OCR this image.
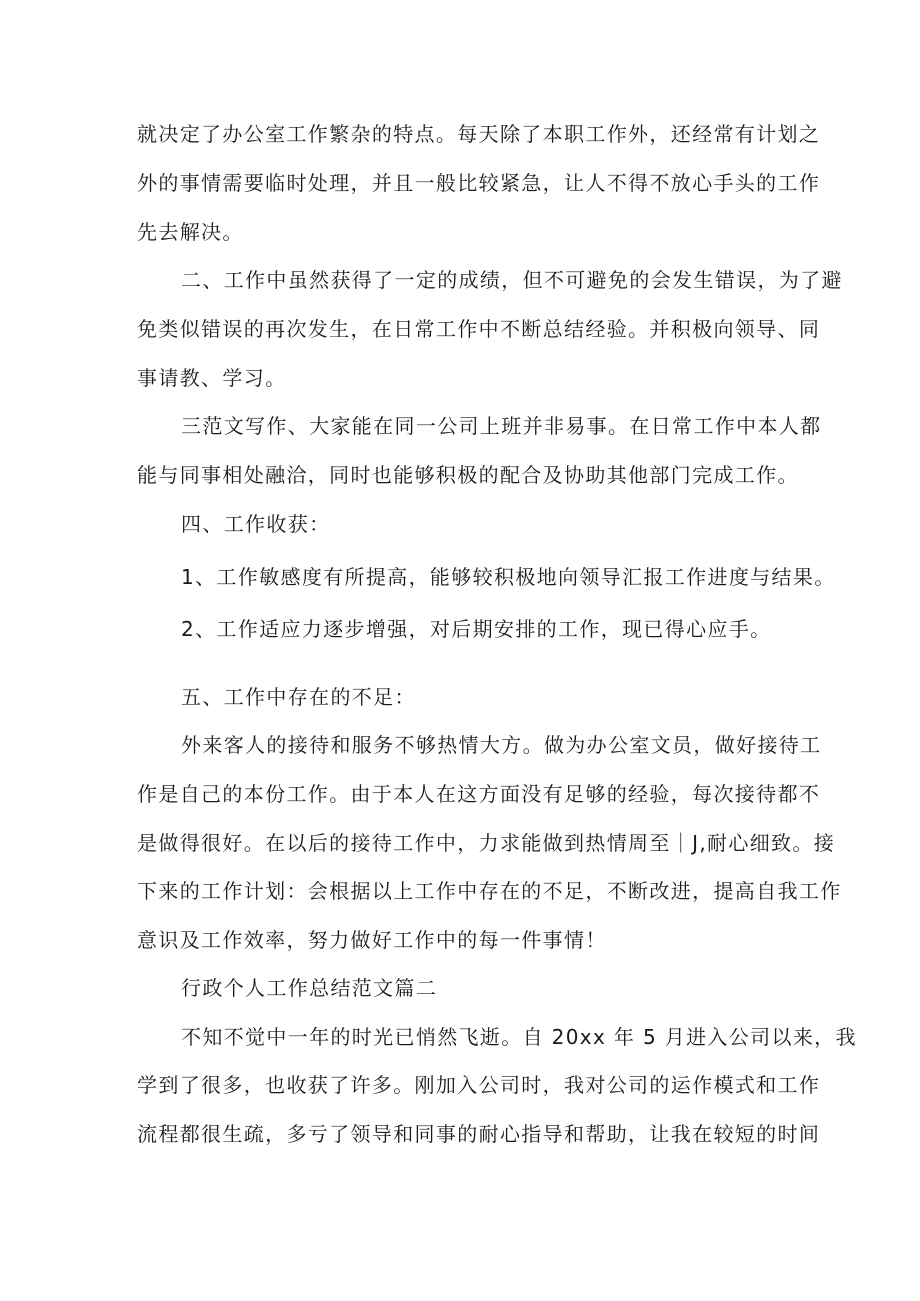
就决定了办公室工作繁杂的特点。每天除了本职工作外，还经常有计划之
外的事情需要临时处理，并且一般比较紧急，让人不得不放心手头的工作
先去解决。
二、工作中虽然获得了一定的成绩，但不可避免的会发生错误，为了避
免类似错误的再次发生，在日常工作中不断总结经验。并积极向领导、同
事请教、学习。
三范文写作、大家能在同一公司上班并非易事。在日常工作中本人都
能与同事相处融洽，同时也能够积极的配合及协助其他部门完成工作。
四、工作收获：
1、工作敏感度有所提高，能够较积极地向领导汇报工作进度与结果。
2、工作适应力逐步增强，对后期安排的工作，现已得心应手。
五、工作中存在的不足：
外来客人的接待和服务不够热情大方。做为办公室文员，做好接待工
作是自己的本份工作。由于本人在这方面没有足够的经验，每次接待都不
是做得很好。在以后的接待工作中，力求能做到热情周至｜J,耐心细致。接
下来的工作计划：会根据以上工作中存在的不足，不断改进，提高自我工作
意识及工作效率，努力做好工作中的每一件事情！
行政个人工作总结范文篇二
不知不觉中一年的时光已悄然飞逝。自 20xx 年 5 月进入公司以来，我
学到了很多，也收获了许多。刚加入公司时，我对公司的运作模式和工作
流程都很生疏，多亏了领导和同事的耐心指导和帮助，让我在较短的时间
